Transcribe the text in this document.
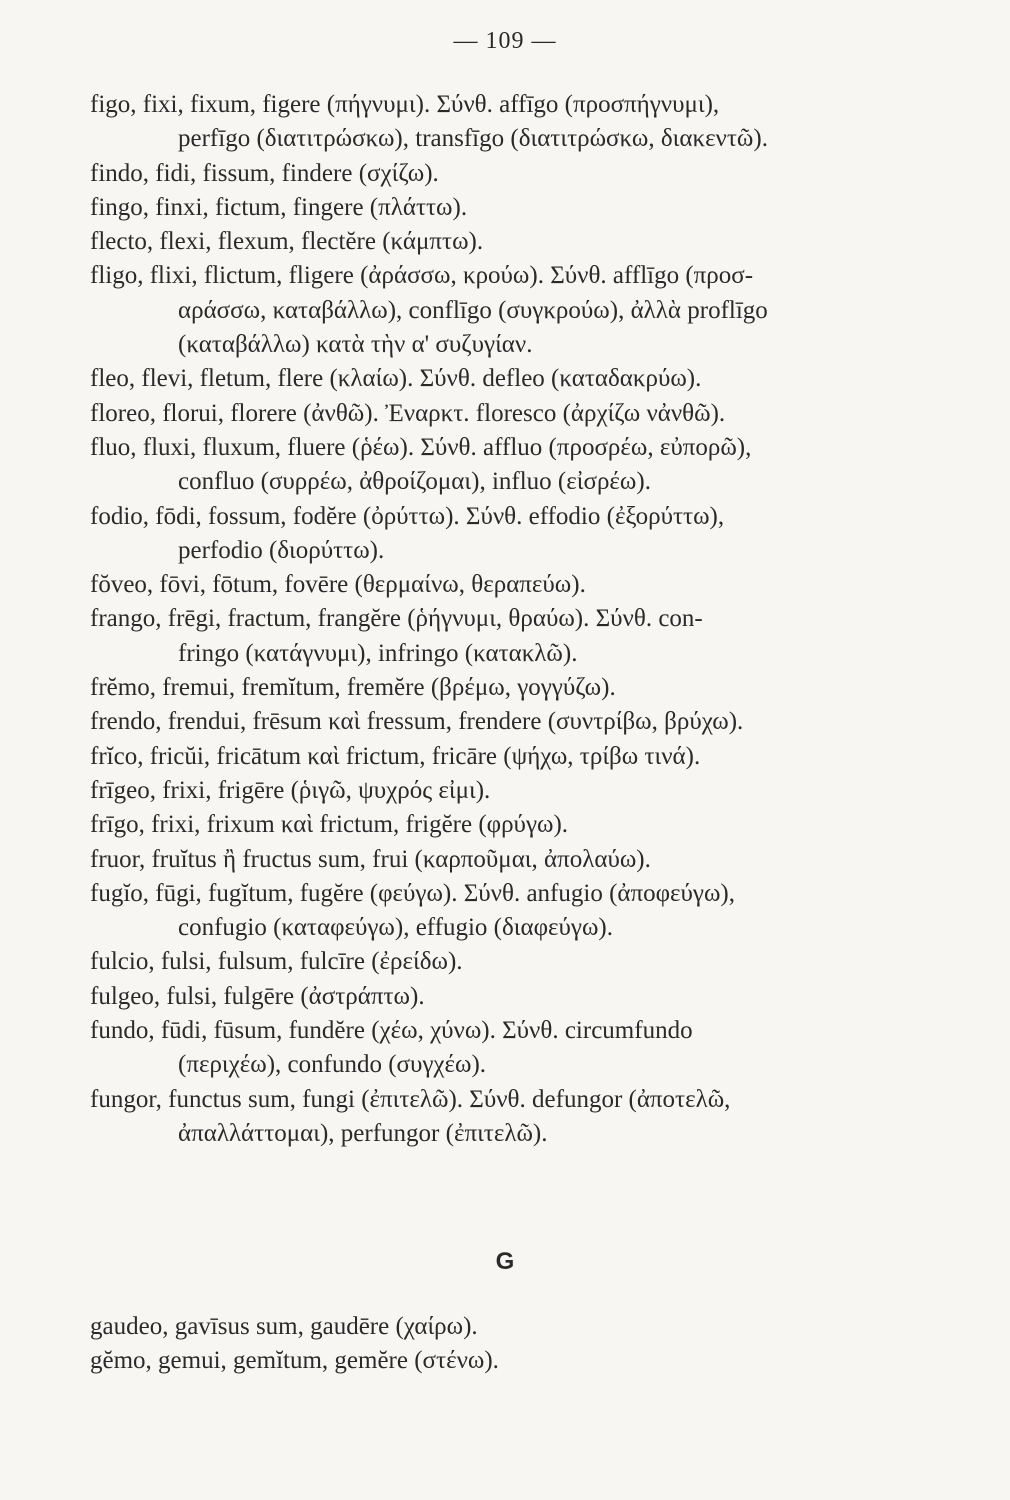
— 109 —
figo, fixi, fixum, figere (πήγνυμι). Σύνθ. affīgo (προσπήγνυμι),
perfīgo (διατιτρώσκω), transfīgo (διατιτρώσκω, διακεντῶ).
findo, fidi, fissum, findere (σχίζω).
fingo, finxi, fictum, fingere (πλάττω).
flecto, flexi, flexum, flectĕre (κάμπτω).
fligo, flixi, flictum, fligere (ἀράσσω, κρούω). Σύνθ. afflīgo (προσ-
αράσσω, καταβάλλω), conflīgo (συγκρούω), ἀλλὰ proflīgo
(καταβάλλω) κατὰ τὴν α' συζυγίαν.
fleo, flevi, fletum, flere (κλαίω). Σύνθ. defleo (καταδακρύω).
floreo, florui, florere (ἀνθῶ). Ἐναρκτ. floresco (ἀρχίζω νἀνθῶ).
fluo, fluxi, fluxum, fluere (ῥέω). Σύνθ. affluo (προσρέω, εὐπορῶ),
confluo (συρρέω, ἀθροίζομαι), influo (εἰσρέω).
fodio, fōdi, fossum, fodĕre (ὀρύττω). Σύνθ. effodio (ἐξορύττω),
perfodio (διορύττω).
fŏveo, fōvi, fōtum, fovēre (θερμαίνω, θεραπεύω).
frango, frēgi, fractum, frangĕre (ῥήγνυμι, θραύω). Σύνθ. con-
fringo (κατάγνυμι), infringo (κατακλῶ).
frĕmo, fremui, fremĭtum, fremĕre (βρέμω, γογγύζω).
frendo, frendui, frēsum καὶ fressum, frendere (συντρίβω, βρύχω).
frĭco, fricŭi, fricātum καὶ frictum, fricāre (ψήχω, τρίβω τινά).
frīgeo, frixi, frigēre (ῥιγῶ, ψυχρός εἰμι).
frīgo, frixi, frixum καὶ frictum, frigĕre (φρύγω).
fruor, fruĭtus ἢ fructus sum, frui (καρποῦμαι, ἀπολαύω).
fugĭo, fūgi, fugĭtum, fugĕre (φεύγω). Σύνθ. anfugio (ἀποφεύγω),
confugio (καταφεύγω), effugio (διαφεύγω).
fulcio, fulsi, fulsum, fulcīre (ἐρείδω).
fulgeo, fulsi, fulgēre (ἀστράπτω).
fundo, fūdi, fūsum, fundĕre (χέω, χύνω). Σύνθ. circumfundo
(περιχέω), confundo (συγχέω).
fungor, functus sum, fungi (ἐπιτελῶ). Σύνθ. defungor (ἀποτελῶ,
ἀπαλλάττομαι), perfungor (ἐπιτελῶ).
G
gaudeo, gavīsus sum, gaudēre (χαίρω).
gĕmo, gemui, gemĭtum, gemĕre (στένω).
